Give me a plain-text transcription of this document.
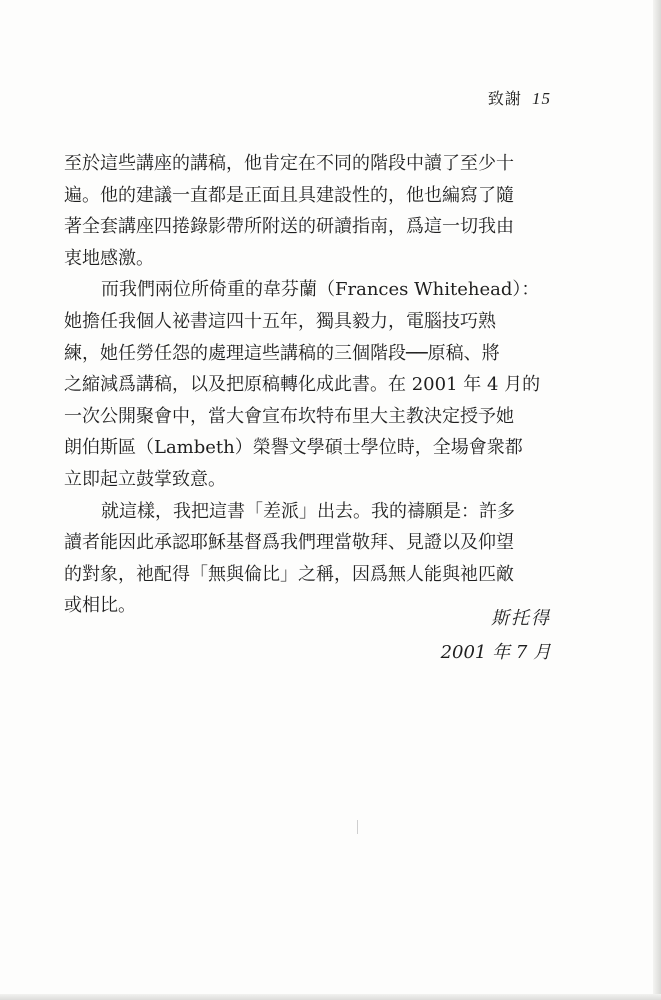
致謝 15

至於這些講座的講稿，他肯定在不同的階段中讀了至少十
遍。他的建議一直都是正面且具建設性的，他也編寫了隨
著全套講座四捲錄影帶所附送的研讀指南，爲這一切我由
衷地感激。

而我們兩位所倚重的韋芬蘭（Frances Whitehead）：
她擔任我個人祕書這四十五年，獨具毅力，電腦技巧熟
練，她任勞任怨的處理這些講稿的三個階段──原稿、將
之縮減爲講稿，以及把原稿轉化成此書。在 2001 年 4 月的
一次公開聚會中，當大會宣布坎特布里大主教決定授予她
朗伯斯區（Lambeth）榮譽文學碩士學位時，全場會衆都
立即起立鼓掌致意。

就這樣，我把這書「差派」出去。我的禱願是：許多
讀者能因此承認耶穌基督爲我們理當敬拜、見證以及仰望
的對象，祂配得「無與倫比」之稱，因爲無人能與祂匹敵
或相比。

斯托得
2001 年 7 月
